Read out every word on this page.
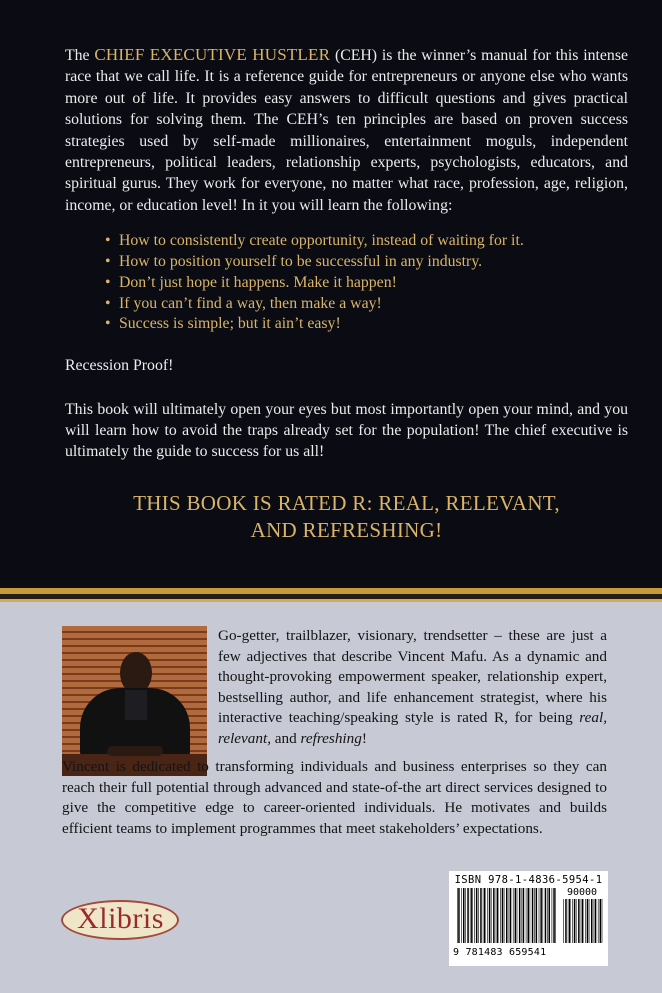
The CHIEF EXECUTIVE HUSTLER (CEH) is the winner’s manual for this intense race that we call life. It is a reference guide for entrepreneurs or anyone else who wants more out of life. It provides easy answers to difficult questions and gives practical solutions for solving them. The CEH’s ten principles are based on proven success strategies used by self-made millionaires, entertainment moguls, independent entrepreneurs, political leaders, relationship experts, psychologists, educators, and spiritual gurus. They work for everyone, no matter what race, profession, age, religion, income, or education level! In it you will learn the following:

• How to consistently create opportunity, instead of waiting for it.
• How to position yourself to be successful in any industry.
• Don’t just hope it happens. Make it happen!
• If you can’t find a way, then make a way!
• Success is simple; but it ain’t easy!

Recession Proof!

This book will ultimately open your eyes but most importantly open your mind, and you will learn how to avoid the traps already set for the population! The chief executive is ultimately the guide to success for us all!

THIS BOOK IS RATED R: REAL, RELEVANT,
AND REFRESHING!

Go-getter, trailblazer, visionary, trendsetter – these are just a few adjectives that describe Vincent Mafu. As a dynamic and thought-provoking empowerment speaker, relationship expert, bestselling author, and life enhancement strategist, where his interactive teaching/speaking style is rated R, for being real, relevant, and refreshing!

Vincent is dedicated to transforming individuals and business enterprises so they can reach their full potential through advanced and state-of-the art direct services designed to give the competitive edge to career-oriented individuals. He motivates and builds efficient teams to implement programmes that meet stakeholders’ expectations.

Xlibris
ISBN 978-1-4836-5954-1
90000
9 781483 659541
